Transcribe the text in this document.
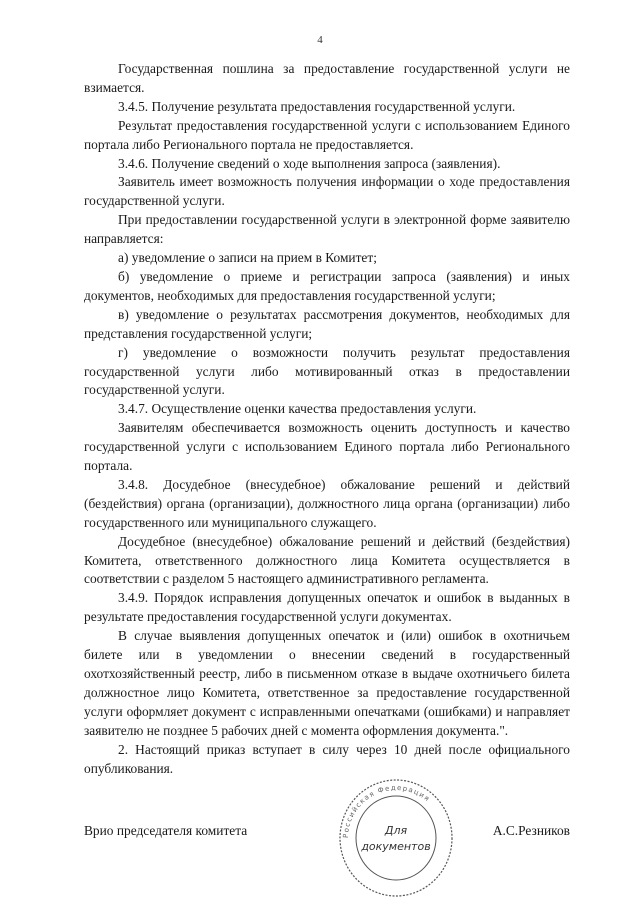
4

Государственная пошлина за предоставление государственной услуги не взимается.

3.4.5. Получение результата предоставления государственной услуги.

Результат предоставления государственной услуги с использованием Единого портала либо Регионального портала не предоставляется.

3.4.6. Получение сведений о ходе выполнения запроса (заявления).

Заявитель имеет возможность получения информации о ходе предоставления государственной услуги.

При предоставлении государственной услуги в электронной форме заявителю направляется:

а) уведомление о записи на прием в Комитет;

б) уведомление о приеме и регистрации запроса (заявления) и иных документов, необходимых для предоставления государственной услуги;

в) уведомление о результатах рассмотрения документов, необходимых для представления государственной услуги;

г) уведомление о возможности получить результат предоставления государственной услуги либо мотивированный отказ в предоставлении государственной услуги.

3.4.7. Осуществление оценки качества предоставления услуги.

Заявителям обеспечивается возможность оценить доступность и качество государственной услуги с использованием Единого портала либо Регионального портала.

3.4.8. Досудебное (внесудебное) обжалование решений и действий (бездействия) органа (организации), должностного лица органа (организации) либо государственного или муниципального служащего.

Досудебное (внесудебное) обжалование решений и действий (бездействия) Комитета, ответственного должностного лица Комитета осуществляется в соответствии с разделом 5 настоящего административного регламента.

3.4.9. Порядок исправления допущенных опечаток и ошибок в выданных в результате предоставления государственной услуги документах.

В случае выявления допущенных опечаток и (или) ошибок в охотничьем билете или в уведомлении о внесении сведений в государственный охотхозяйственный реестр, либо в письменном отказе в выдаче охотничьего билета должностное лицо Комитета, ответственное за предоставление государственной услуги оформляет документ с исправленными опечатками (ошибками) и направляет заявителю не позднее 5 рабочих дней с момента оформления документа.".

2. Настоящий приказ вступает в силу через 10 дней после официального опубликования.

Врио председателя комитета	А.С.Резников
Российская Федерация
Для
документов
